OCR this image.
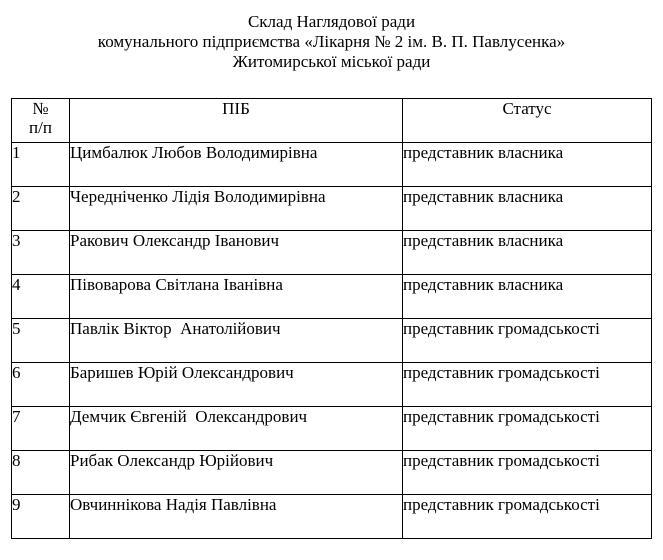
Склад Наглядової ради
комунального підприємства «Лікарня № 2 ім. В. П. Павлусенка»
Житомирської міської ради
№
п/п	ПІБ	Статус
1	Цимбалюк Любов Володимирівна	представник власника
2	Чередніченко Лідія Володимирівна	представник власника
3	Ракович Олександр Іванович	представник власника
4	Півоварова Світлана Іванівна	представник власника
5	Павлік Віктор  Анатолійович	представник громадськості
6	Баришев Юрій Олександрович	представник громадськості
7	Демчик Євгеній  Олександрович	представник громадськості
8	Рибак Олександр Юрійович	представник громадськості
9	Овчиннікова Надія Павлівна	представник громадськості
